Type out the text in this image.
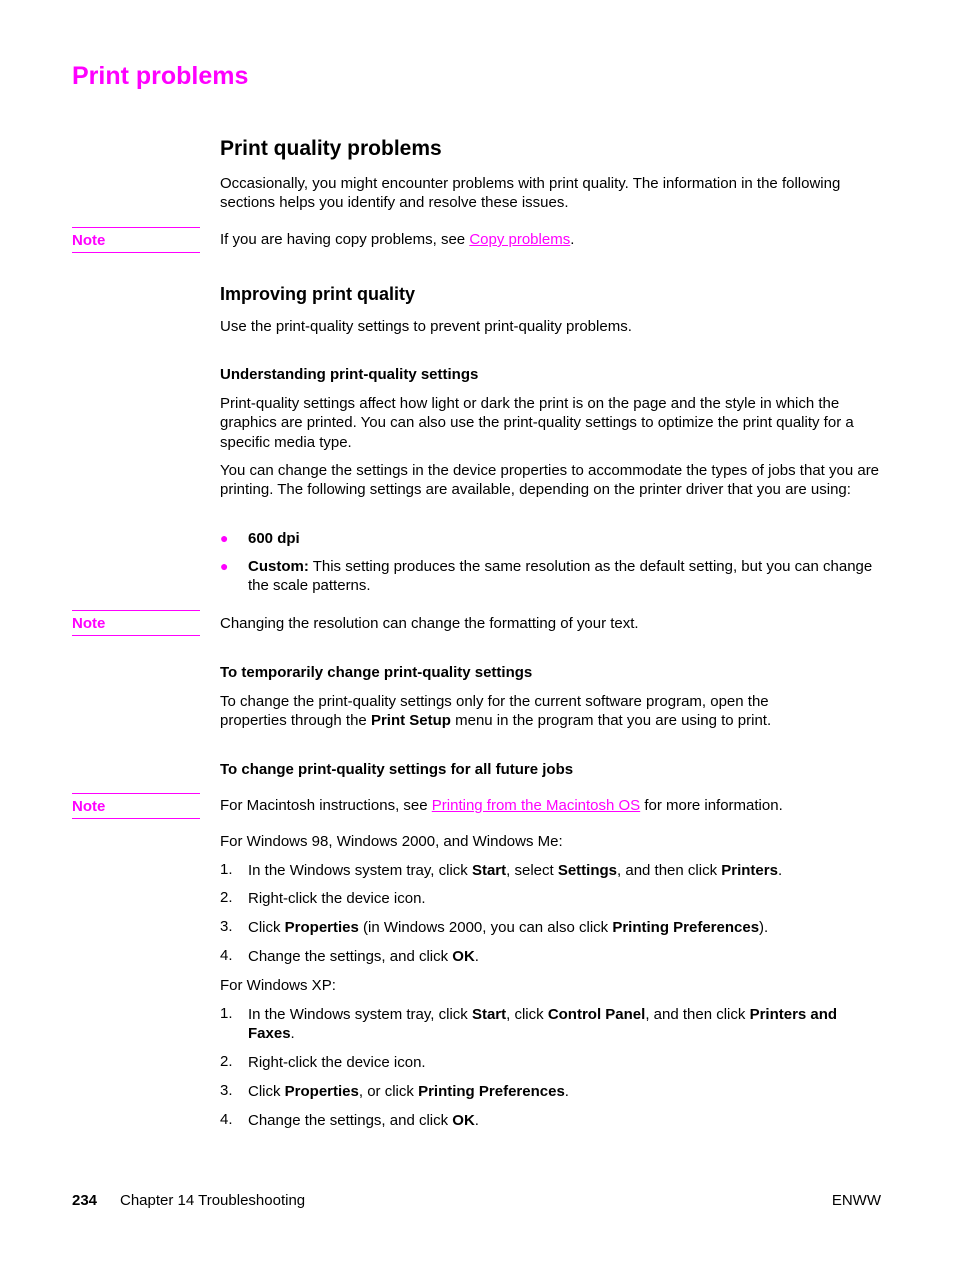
Print problems
Print quality problems

Occasionally, you might encounter problems with print quality. The information in the following sections helps you identify and resolve these issues.

Note	If you are having copy problems, see Copy problems.

Improving print quality

Use the print-quality settings to prevent print-quality problems.

Understanding print-quality settings

Print-quality settings affect how light or dark the print is on the page and the style in which the graphics are printed. You can also use the print-quality settings to optimize the print quality for a specific media type.

You can change the settings in the device properties to accommodate the types of jobs that you are printing. The following settings are available, depending on the printer driver that you are using:

● 600 dpi

● Custom: This setting produces the same resolution as the default setting, but you can change the scale patterns.

Note	Changing the resolution can change the formatting of your text.

To temporarily change print-quality settings

To change the print-quality settings only for the current software program, open the properties through the Print Setup menu in the program that you are using to print.

To change print-quality settings for all future jobs
Note	For Macintosh instructions, see Printing from the Macintosh OS for more information.

For Windows 98, Windows 2000, and Windows Me:

1. In the Windows system tray, click Start, select Settings, and then click Printers.

2. Right-click the device icon.

3. Click Properties (in Windows 2000, you can also click Printing Preferences).

4. Change the settings, and click OK.

For Windows XP:

1. In the Windows system tray, click Start, click Control Panel, and then click Printers and Faxes.

2. Right-click the device icon.

3. Click Properties, or click Printing Preferences.

4. Change the settings, and click OK.

234 Chapter 14 Troubleshooting	ENWW
